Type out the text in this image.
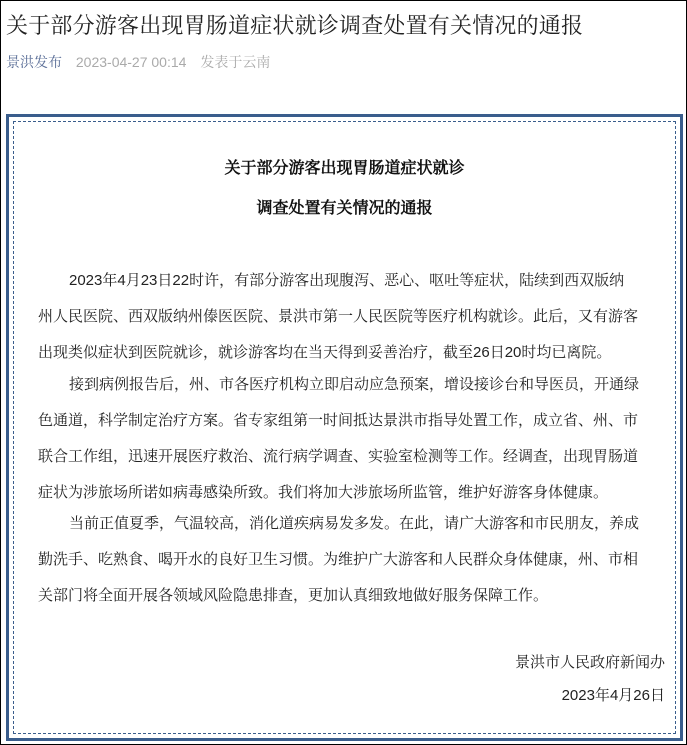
关于部分游客出现胃肠道症状就诊调查处置有关情况的通报
景洪发布 2023-04-27 00:14 发表于云南
关于部分游客出现胃肠道症状就诊
调查处置有关情况的通报
2023年4月23日22时许，有部分游客出现腹泻、恶心、呕吐等症状，陆续到西双版纳
州人民医院、西双版纳州傣医医院、景洪市第一人民医院等医疗机构就诊。此后，又有游客
出现类似症状到医院就诊，就诊游客均在当天得到妥善治疗，截至26日20时均已离院。
接到病例报告后，州、市各医疗机构立即启动应急预案，增设接诊台和导医员，开通绿
色通道，科学制定治疗方案。省专家组第一时间抵达景洪市指导处置工作，成立省、州、市
联合工作组，迅速开展医疗救治、流行病学调查、实验室检测等工作。经调查，出现胃肠道
症状为涉旅场所诺如病毒感染所致。我们将加大涉旅场所监管，维护好游客身体健康。
当前正值夏季，气温较高，消化道疾病易发多发。在此，请广大游客和市民朋友，养成
勤洗手、吃熟食、喝开水的良好卫生习惯。为维护广大游客和人民群众身体健康，州、市相
关部门将全面开展各领域风险隐患排查，更加认真细致地做好服务保障工作。
景洪市人民政府新闻办
2023年4月26日
